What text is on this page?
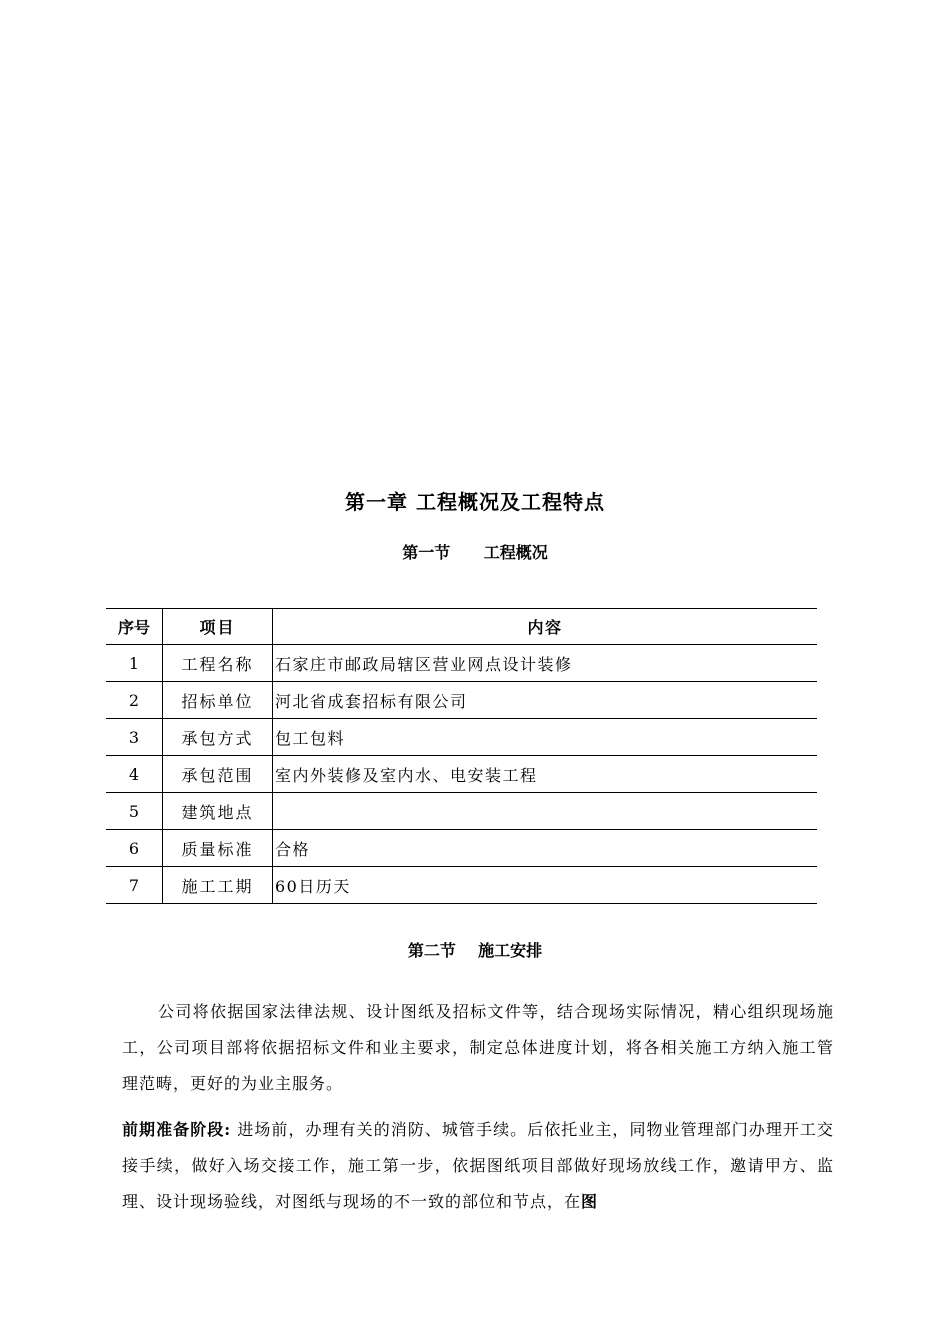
第一章 工程概况及工程特点
第一节      工程概况
序号	项目	内容
1	工程名称	石家庄市邮政局辖区营业网点设计装修
2	招标单位	河北省成套招标有限公司
3	承包方式	包工包料
4	承包范围	室内外装修及室内水、电安装工程
5	建筑地点	
6	质量标准	合格
7	施工工期	60日历天
第二节    施工安排

公司将依据国家法律法规、设计图纸及招标文件等，结合现场实际情况，精心组织现场施工，公司项目部将依据招标文件和业主要求，制定总体进度计划，将各相关施工方纳入施工管理范畴，更好的为业主服务。

前期准备阶段: 进场前，办理有关的消防、城管手续。后依托业主，同物业管理部门办理开工交接手续，做好入场交接工作，施工第一步，依据图纸项目部做好现场放线工作，邀请甲方、监理、设计现场验线，对图纸与现场的不一致的部位和节点，在图
